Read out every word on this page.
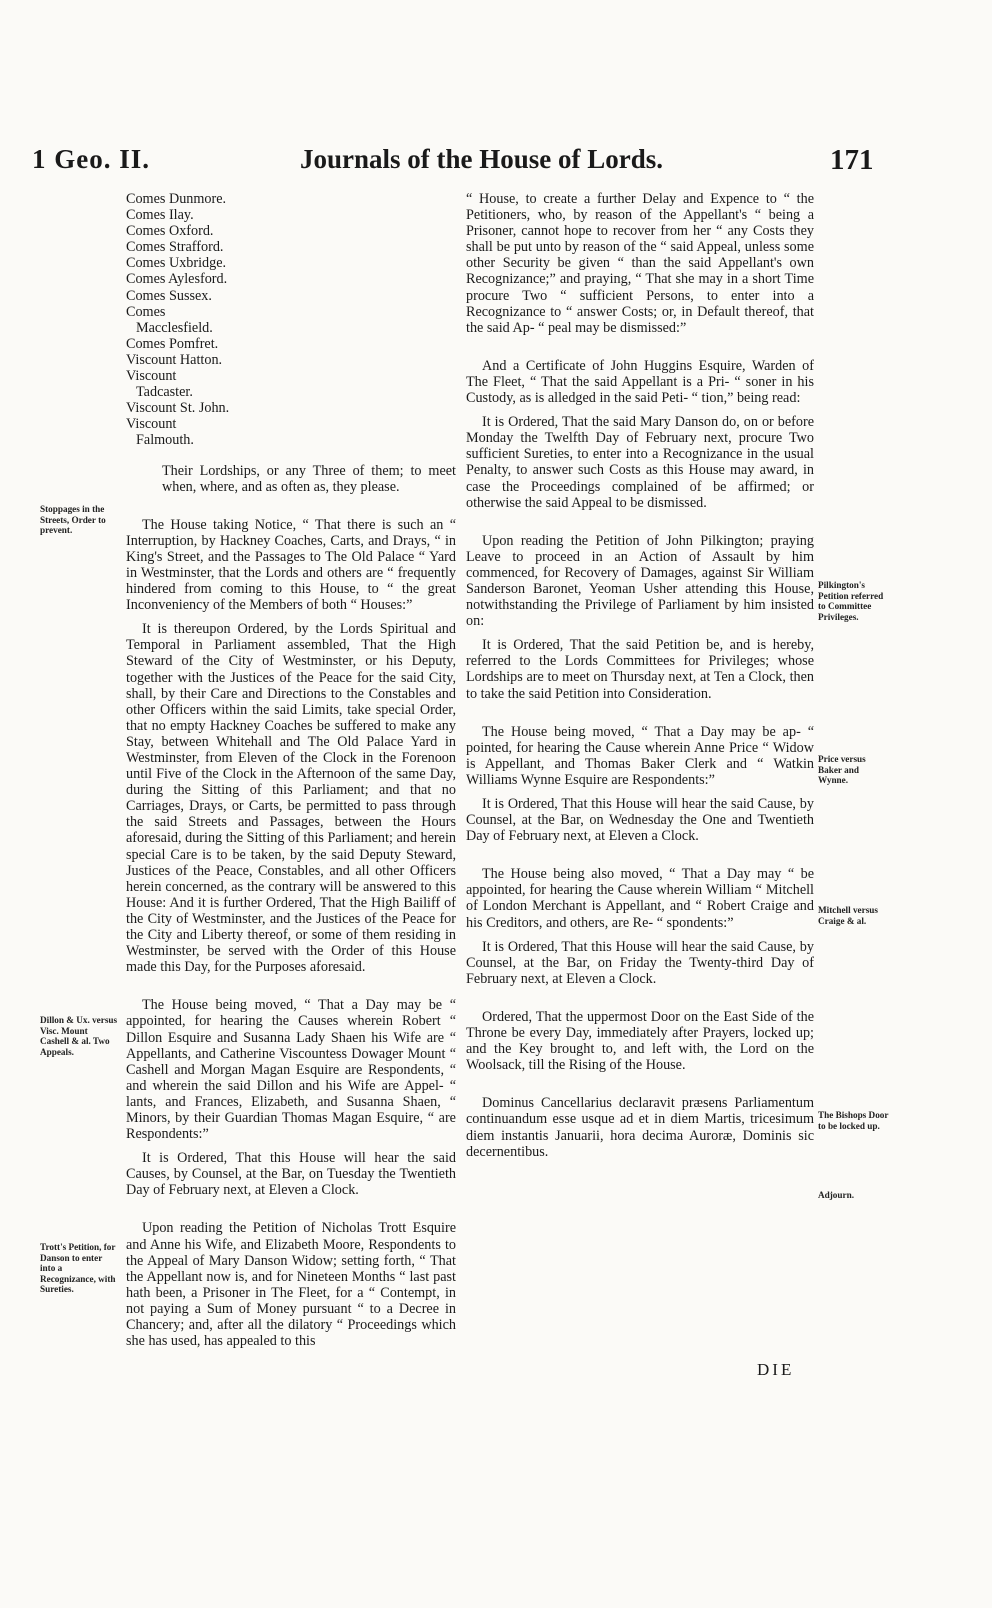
1 Geo. II.	Journals of the House of Lords.	171
Comes Dunmore.
Comes Ilay.
Comes Oxford.
Comes Strafford.
Comes Uxbridge.
Comes Aylesford.
Comes Sussex.
Comes Macclesfield.
Comes Pomfret.
Viscount Hatton.
Viscount Tadcaster.
Viscount St. John.
Viscount Falmouth.

Their Lordships, or any Three of them; to meet when, where, and as often as, they please.

The House taking Notice, “ That there is such an “ Interruption, by Hackney Coaches, Carts, and Drays, “ in King's Street, and the Passages to The Old Palace “ Yard in Westminster, that the Lords and others are “ frequently hindered from coming to this House, to “ the great Inconveniency of the Members of both “ Houses:”

It is thereupon Ordered, by the Lords Spiritual and Temporal in Parliament assembled, That the High Steward of the City of Westminster, or his Deputy, together with the Justices of the Peace for the said City, shall, by their Care and Directions to the Constables and other Officers within the said Limits, take special Order, that no empty Hackney Coaches be suffered to make any Stay, between Whitehall and The Old Palace Yard in Westminster, from Eleven of the Clock in the Forenoon until Five of the Clock in the Afternoon of the same Day, during the Sitting of this Parliament; and that no Carriages, Drays, or Carts, be permitted to pass through the said Streets and Passages, between the Hours aforesaid, during the Sitting of this Parliament; and herein special Care is to be taken, by the said Deputy Steward, Justices of the Peace, Constables, and all other Officers herein concerned, as the contrary will be answered to this House: And it is further Ordered, That the High Bailiff of the City of Westminster, and the Justices of the Peace for the City and Liberty thereof, or some of them residing in Westminster, be served with the Order of this House made this Day, for the Purposes aforesaid.

The House being moved, “ That a Day may be “ appointed, for hearing the Causes wherein Robert “ Dillon Esquire and Susanna Lady Shaen his Wife are “ Appellants, and Catherine Viscountess Dowager Mount “ Cashell and Morgan Magan Esquire are Respondents, “ and wherein the said Dillon and his Wife are Appel- “ lants, and Frances, Elizabeth, and Susanna Shaen, “ Minors, by their Guardian Thomas Magan Esquire, “ are Respondents:”

It is Ordered, That this House will hear the said Causes, by Counsel, at the Bar, on Tuesday the Twentieth Day of February next, at Eleven a Clock.

Upon reading the Petition of Nicholas Trott Esquire and Anne his Wife, and Elizabeth Moore, Respondents to the Appeal of Mary Danson Widow; setting forth, “ That the Appellant now is, and for Nineteen Months “ last past hath been, a Prisoner in The Fleet, for a “ Contempt, in not paying a Sum of Money pursuant “ to a Decree in Chancery; and, after all the dilatory “ Proceedings which she has used, has appealed to this

“ House, to create a further Delay and Expence to “ the Petitioners, who, by reason of the Appellant's “ being a Prisoner, cannot hope to recover from her “ any Costs they shall be put unto by reason of the “ said Appeal, unless some other Security be given “ than the said Appellant's own Recognizance;” and praying, “ That she may in a short Time procure Two “ sufficient Persons, to enter into a Recognizance to “ answer Costs; or, in Default thereof, that the said Ap- “ peal may be dismissed:”

And a Certificate of John Huggins Esquire, Warden of The Fleet, “ That the said Appellant is a Pri- “ soner in his Custody, as is alledged in the said Peti- “ tion,” being read:

It is Ordered, That the said Mary Danson do, on or before Monday the Twelfth Day of February next, procure Two sufficient Sureties, to enter into a Recognizance in the usual Penalty, to answer such Costs as this House may award, in case the Proceedings complained of be affirmed; or otherwise the said Appeal to be dismissed.

Upon reading the Petition of John Pilkington; praying Leave to proceed in an Action of Assault by him commenced, for Recovery of Damages, against Sir William Sanderson Baronet, Yeoman Usher attending this House, notwithstanding the Privilege of Parliament by him insisted on:

It is Ordered, That the said Petition be, and is hereby, referred to the Lords Committees for Privileges; whose Lordships are to meet on Thursday next, at Ten a Clock, then to take the said Petition into Consideration.

The House being moved, “ That a Day may be ap- “ pointed, for hearing the Cause wherein Anne Price “ Widow is Appellant, and Thomas Baker Clerk and “ Watkin Williams Wynne Esquire are Respondents:”

It is Ordered, That this House will hear the said Cause, by Counsel, at the Bar, on Wednesday the One and Twentieth Day of February next, at Eleven a Clock.

The House being also moved, “ That a Day may “ be appointed, for hearing the Cause wherein William “ Mitchell of London Merchant is Appellant, and “ Robert Craige and his Creditors, and others, are Re- “ spondents:”

It is Ordered, That this House will hear the said Cause, by Counsel, at the Bar, on Friday the Twenty-third Day of February next, at Eleven a Clock.

Ordered, That the uppermost Door on the East Side of the Throne be every Day, immediately after Prayers, locked up; and the Key brought to, and left with, the Lord on the Woolsack, till the Rising of the House.

Dominus Cancellarius declaravit præsens Parliamentum continuandum esse usque ad et in diem Martis, tricesimum diem instantis Januarii, hora decima Auroræ, Dominis sic decernentibus.

Stoppages in the Streets, Order to prevent.
Dillon & Ux. versus Visc. Mount Cashell & al. Two Appeals.
Trott's Petition, for Danson to enter into a Recognizance, with Sureties.
Pilkington's Petition referred to Committee Privileges.
Price versus Baker and Wynne.
Mitchell versus Craige & al.
The Bishops Door to be locked up.
Adjourn.
DIE
